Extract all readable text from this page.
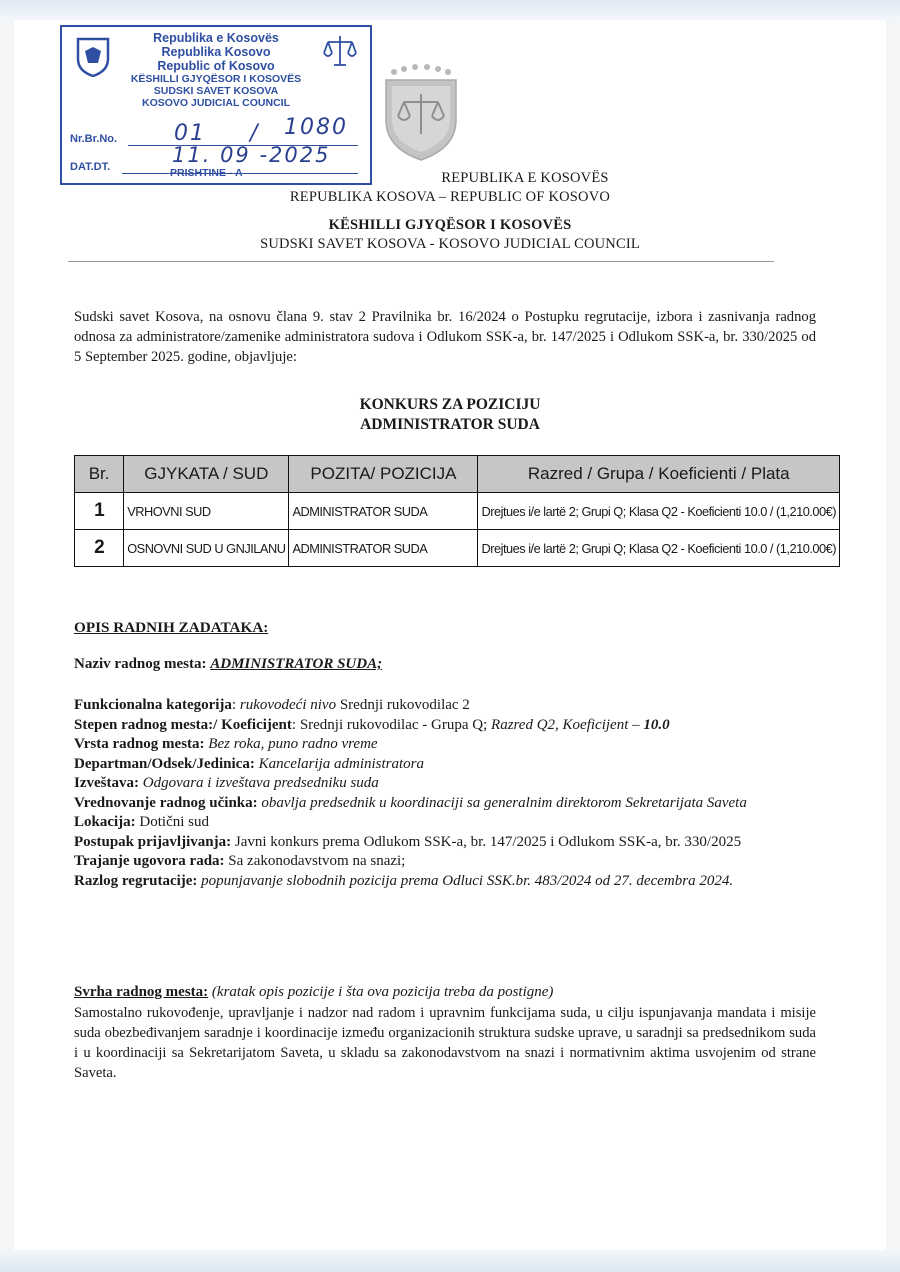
Republika e Kosovës
Republika Kosovo
Republic of Kosovo
KËSHILLI GJYQËSOR I KOSOVËS
SUDSKI SAVET KOSOVA
KOSOVO JUDICIAL COUNCIL
Nr.Br.No.	01 / 1080
DAT.DT.	11. 09 -2025
PRISHTINE - A	REPUBLIKA E KOSOVËS
REPUBLIKA KOSOVA – REPUBLIC OF KOSOVO
KËSHILLI GJYQËSOR I KOSOVËS
SUDSKI SAVET KOSOVA - KOSOVO JUDICIAL COUNCIL

Sudski savet Kosova, na osnovu člana 9. stav 2 Pravilnika br. 16/2024 o Postupku regrutacije, izbora i zasnivanja radnog odnosa za administratore/zamenike administratora sudova i Odlukom SSK-a, br. 147/2025 i Odlukom SSK-a, br. 330/2025 od 5 September 2025. godine, objavljuje:

KONKURS ZA POZICIJU
ADMINISTRATOR SUDA
Br.	GJYKATA / SUD	POZITA/ POZICIJA	Razred / Grupa / Koeficienti / Plata
1	VRHOVNI SUD	ADMINISTRATOR SUDA	Drejtues i/e lartë 2; Grupi Q; Klasa Q2 - Koeficienti 10.0 / (1,210.00€)
2	OSNOVNI SUD U GNJILANU	ADMINISTRATOR SUDA	Drejtues i/e lartë 2; Grupi Q; Klasa Q2 - Koeficienti 10.0 / (1,210.00€)
OPIS RADNIH ZADATAKA:
Naziv radnog mesta: ADMINISTRATOR SUDA;
Funkcionalna kategorija: rukovodeći nivo Srednji rukovodilac 2
Stepen radnog mesta:/ Koeficijent: Srednji rukovodilac - Grupa Q; Razred Q2, Koeficijent – 10.0
Vrsta radnog mesta: Bez roka, puno radno vreme
Departman/Odsek/Jedinica: Kancelarija administratora
Izveštava: Odgovara i izveštava predsedniku suda
Vrednovanje radnog učinka: obavlja predsednik u koordinaciji sa generalnim direktorom Sekretarijata Saveta
Lokacija: Dotični sud
Postupak prijavljivanja: Javni konkurs prema Odlukom SSK-a, br. 147/2025 i Odlukom SSK-a, br. 330/2025
Trajanje ugovora rada: Sa zakonodavstvom na snazi;
Razlog regrutacije: popunjavanje slobodnih pozicija prema Odluci SSK.br. 483/2024 od 27. decembra 2024.
Svrha radnog mesta: (kratak opis pozicije i šta ova pozicija treba da postigne)

Samostalno rukovođenje, upravljanje i nadzor nad radom i upravnim funkcijama suda, u cilju ispunjavanja mandata i misije suda obezbeđivanjem saradnje i koordinacije između organizacionih struktura sudske uprave, u saradnji sa predsednikom suda i u koordinaciji sa Sekretarijatom Saveta, u skladu sa zakonodavstvom na snazi i normativnim aktima usvojenim od strane Saveta.
